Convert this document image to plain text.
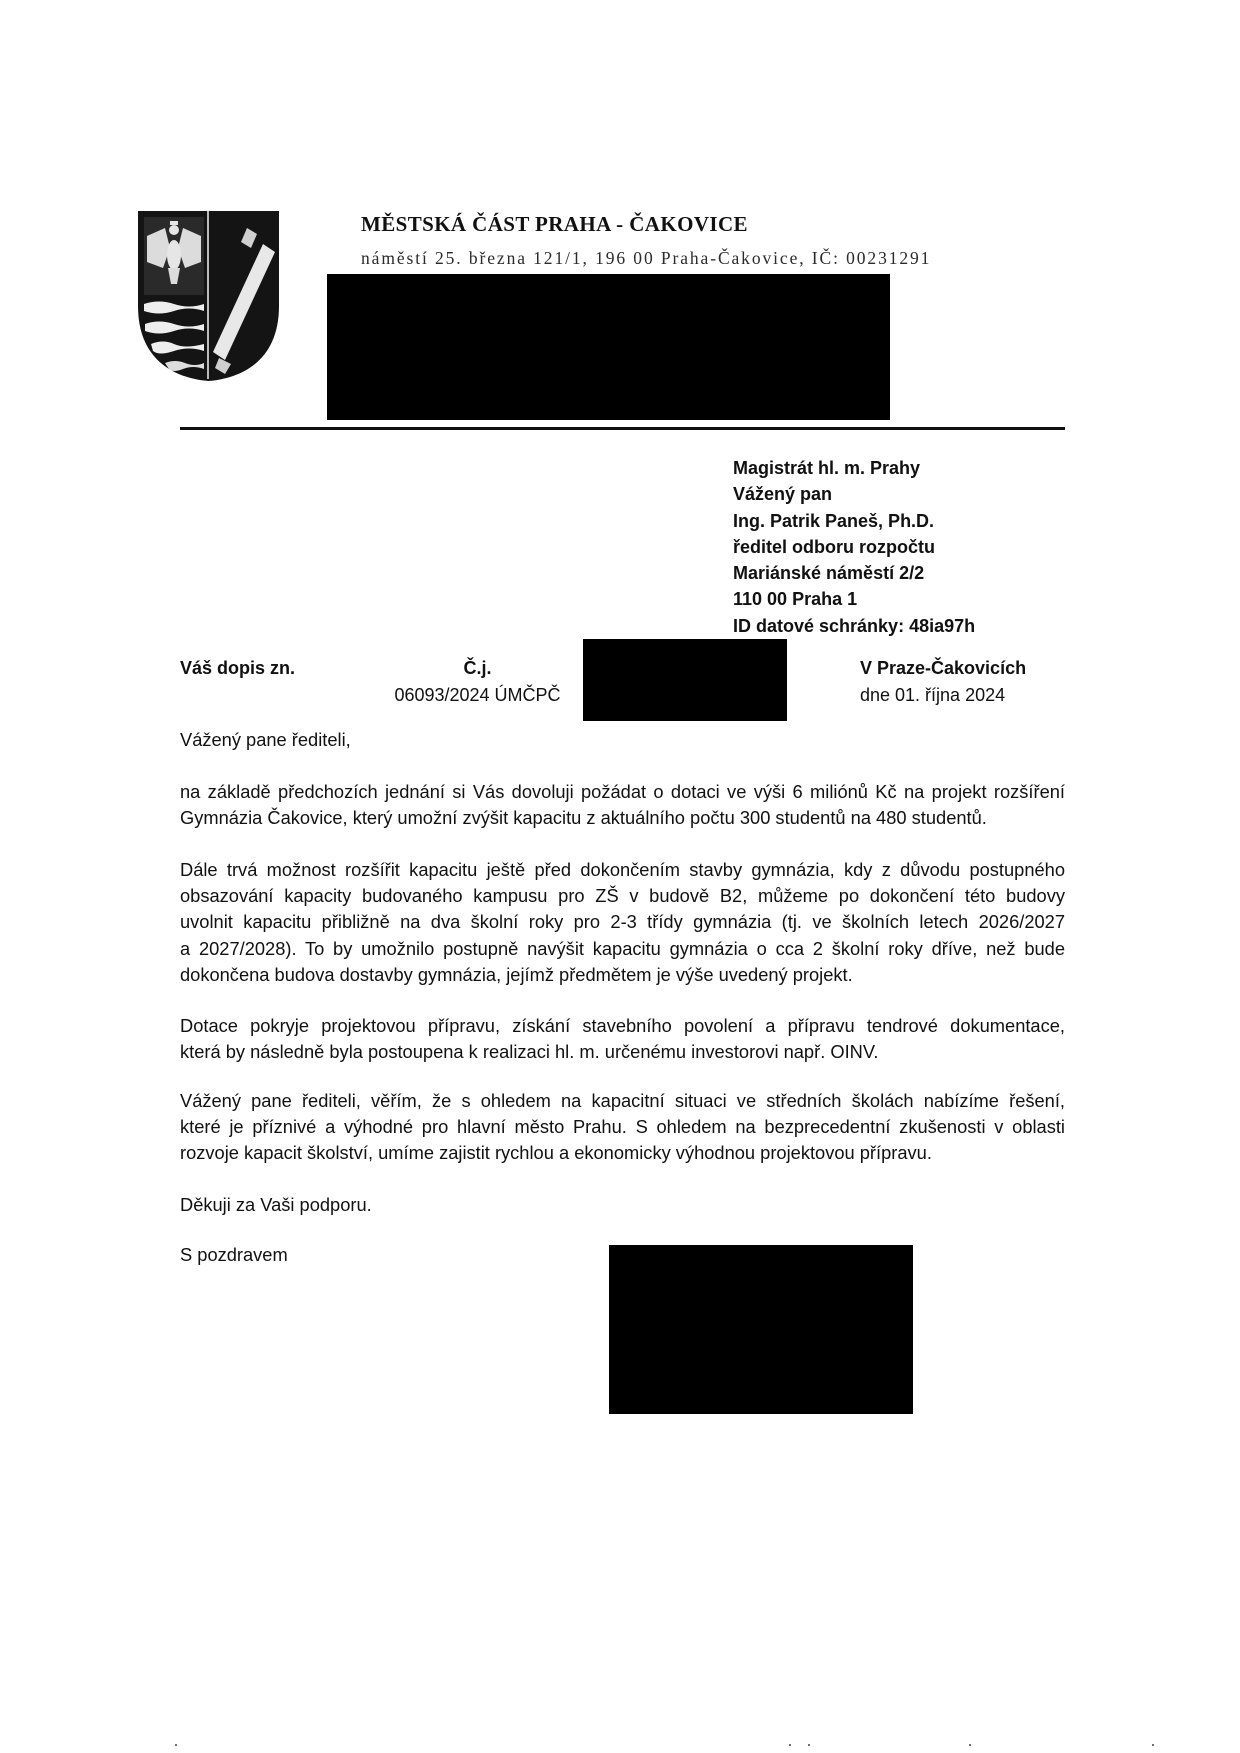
MĚSTSKÁ ČÁST PRAHA - ČAKOVICE
náměstí 25. března 121/1, 196 00 Praha-Čakovice, IČ: 00231291
Magistrát hl. m. Prahy
Vážený pan
Ing. Patrik Paneš, Ph.D.
ředitel odboru rozpočtu
Mariánské náměstí 2/2
110 00 Praha 1
ID datové schránky: 48ia97h
Váš dopis zn.	Č.j.
06093/2024 ÚMČPČ
V Praze-Čakovicích
dne 01. října 2024
Vážený pane řediteli,
na základě předchozích jednání si Vás dovoluji požádat o dotaci ve výši 6 miliónů Kč na projekt rozšíření
Gymnázia Čakovice, který umožní zvýšit kapacitu z aktuálního počtu 300 studentů na 480 studentů.
Dále trvá možnost rozšířit kapacitu ještě před dokončením stavby gymnázia, kdy z důvodu postupného
obsazování kapacity budovaného kampusu pro ZŠ v budově B2, můžeme po dokončení této budovy
uvolnit kapacitu přibližně na dva školní roky pro 2-3 třídy gymnázia (tj. ve školních letech 2026/2027
a 2027/2028). To by umožnilo postupně navýšit kapacitu gymnázia o cca 2 školní roky dříve, než bude
dokončena budova dostavby gymnázia, jejímž předmětem je výše uvedený projekt.
Dotace pokryje projektovou přípravu, získání stavebního povolení a přípravu tendrové dokumentace,
která by následně byla postoupena k realizaci hl. m. určenému investorovi např. OINV.
Vážený pane řediteli, věřím, že s ohledem na kapacitní situaci ve středních školách nabízíme řešení,
které je příznivé a výhodné pro hlavní město Prahu. S ohledem na bezprecedentní zkušenosti v oblasti
rozvoje kapacit školství, umíme zajistit rychlou a ekonomicky výhodnou projektovou přípravu.
Děkuji za Vaši podporu.
S pozdravem
